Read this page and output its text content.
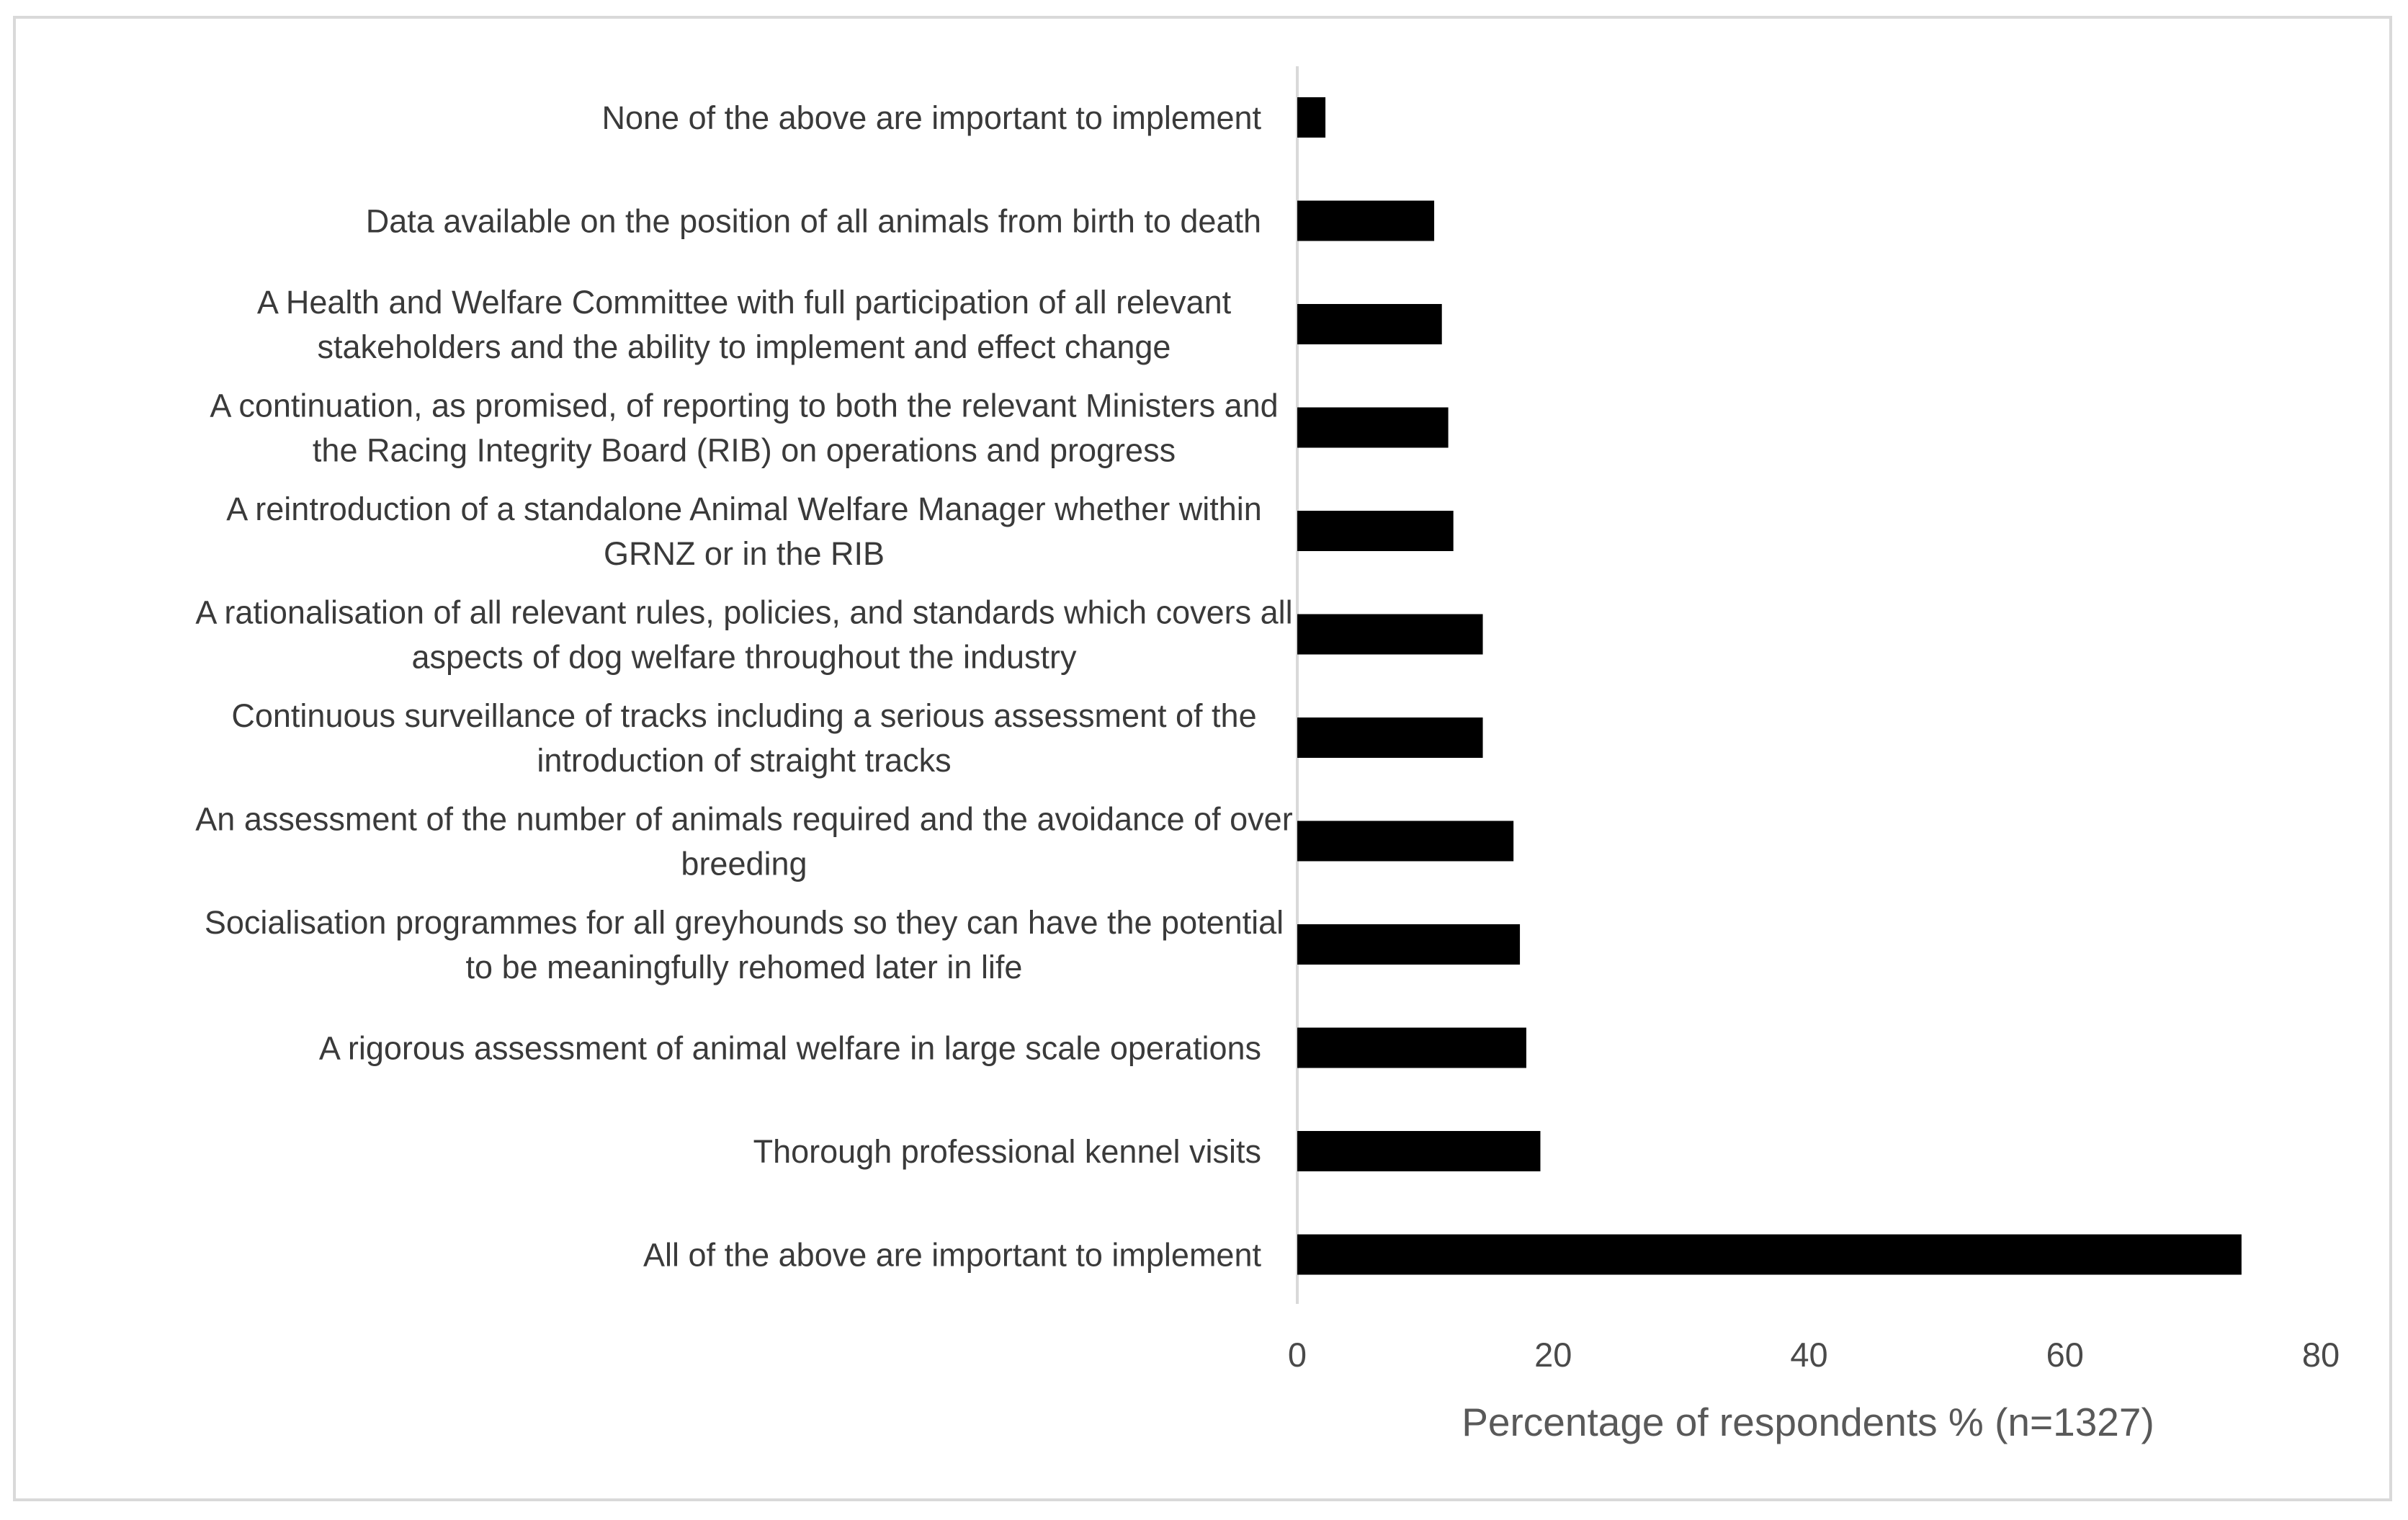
None of the above are important to implement
Data available on the position of all animals from birth to death
A Health and Welfare Committee with full participation of all relevant stakeholders and the ability to implement and effect change
A continuation, as promised, of reporting to both the relevant Ministers and the Racing Integrity Board (RIB) on operations and progress
A reintroduction of a standalone Animal Welfare Manager whether within GRNZ or in the RIB
A rationalisation of all relevant rules, policies, and standards which covers all aspects of dog welfare throughout the industry
Continuous surveillance of tracks including a serious assessment of the introduction of straight tracks
An assessment of the number of animals required and the avoidance of over breeding
Socialisation programmes for all greyhounds so they can have the potential to be meaningfully rehomed later in life
A rigorous assessment of animal welfare in large scale operations
Thorough professional kennel visits
All of the above are important to implement
0	20	40	60	80
Percentage of respondents % (n=1327)
